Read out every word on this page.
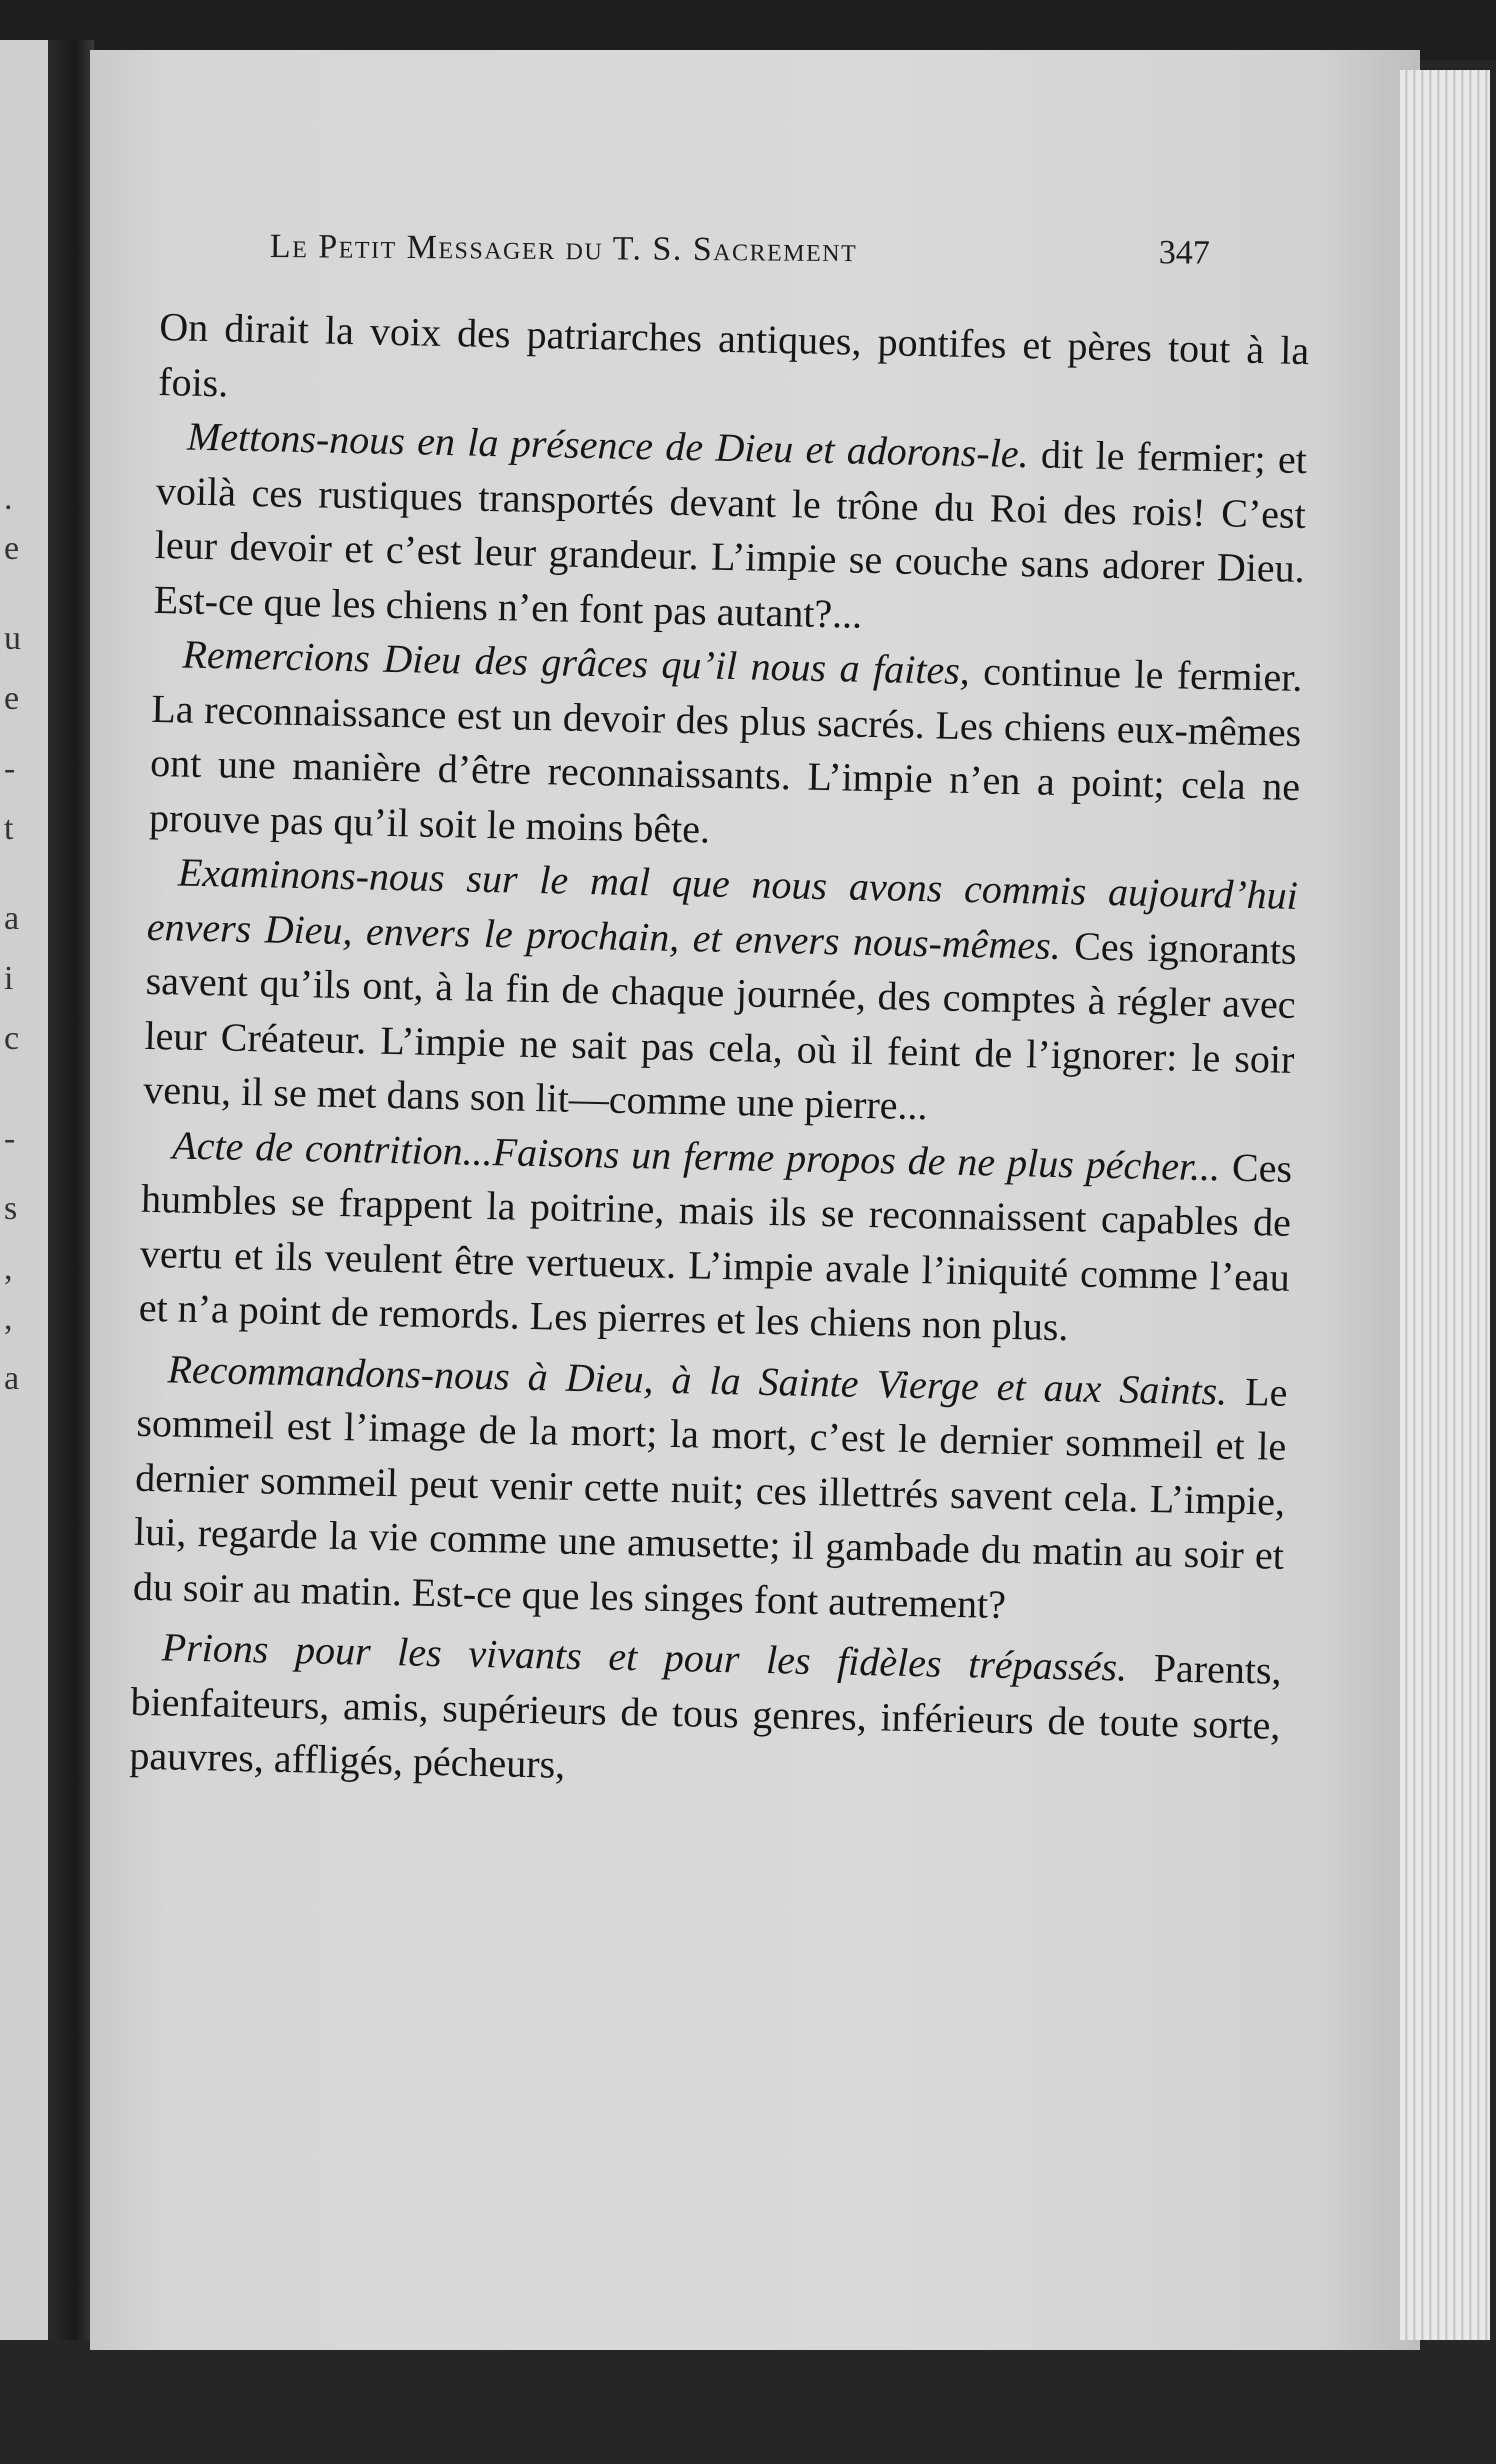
.
e
u
e
-
t
a
i
c
-
s
,
,
a
Le Petit Messager du T. S. Sacrement	347

On dirait la voix des patriarches antiques, pontifes et pères tout à la fois.

Mettons-nous en la présence de Dieu et adorons-le. dit le fermier; et voilà ces rustiques transportés devant le trône du Roi des rois! C’est leur devoir et c’est leur grandeur. L’impie se couche sans adorer Dieu. Est-ce que les chiens n’en font pas autant?...

Remercions Dieu des grâces qu’il nous a faites, continue le fermier. La reconnaissance est un devoir des plus sacrés. Les chiens eux-mêmes ont une manière d’être reconnaissants. L’impie n’en a point; cela ne prouve pas qu’il soit le moins bête.

Examinons-nous sur le mal que nous avons commis aujourd’hui envers Dieu, envers le prochain, et envers nous-mêmes. Ces ignorants savent qu’ils ont, à la fin de chaque journée, des comptes à régler avec leur Créateur. L’impie ne sait pas cela, où il feint de l’ignorer: le soir venu, il se met dans son lit—comme une pierre...

Acte de contrition...Faisons un ferme propos de ne plus pécher... Ces humbles se frappent la poitrine, mais ils se reconnaissent capables de vertu et ils veulent être vertueux. L’impie avale l’iniquité comme l’eau et n’a point de remords. Les pierres et les chiens non plus.

Recommandons-nous à Dieu, à la Sainte Vierge et aux Saints. Le sommeil est l’image de la mort; la mort, c’est le dernier sommeil et le dernier sommeil peut venir cette nuit; ces illettrés savent cela. L’impie, lui, regarde la vie comme une amusette; il gambade du matin au soir et du soir au matin. Est-ce que les singes font autrement?

Prions pour les vivants et pour les fidèles trépassés. Parents, bienfaiteurs, amis, supérieurs de tous genres, inférieurs de toute sorte, pauvres, affligés, pécheurs,
